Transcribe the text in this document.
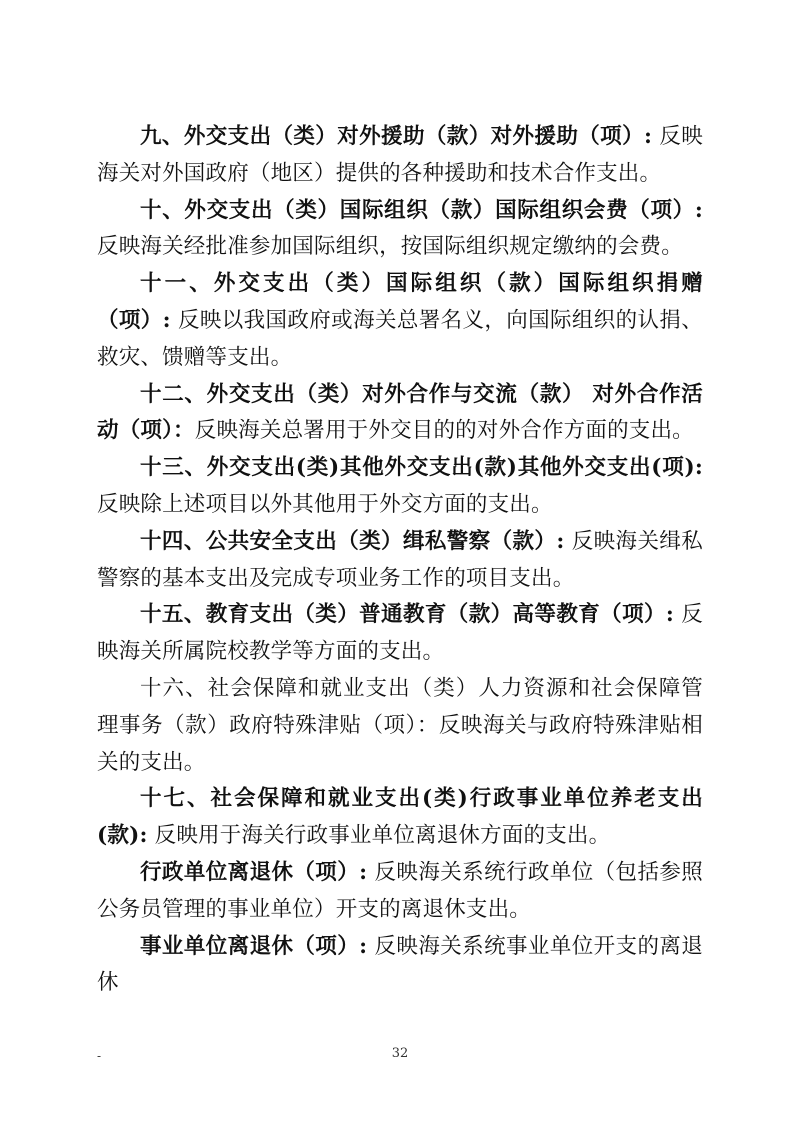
九、外交支出（类）对外援助（款）对外援助（项）: 反映海关对外国政府（地区）提供的各种援助和技术合作支出。

十、外交支出（类）国际组织（款）国际组织会费（项）: 反映海关经批准参加国际组织，按国际组织规定缴纳的会费。

十一、外交支出（类）国际组织（款）国际组织捐赠（项）: 反映以我国政府或海关总署名义，向国际组织的认捐、救灾、馈赠等支出。

十二、外交支出（类）对外合作与交流（款） 对外合作活动（项）：反映海关总署用于外交目的的对外合作方面的支出。

十三、外交支出(类)其他外交支出(款)其他外交支出(项): 反映除上述项目以外其他用于外交方面的支出。

十四、公共安全支出（类）缉私警察（款）: 反映海关缉私警察的基本支出及完成专项业务工作的项目支出。

十五、教育支出（类）普通教育（款）高等教育（项）: 反映海关所属院校教学等方面的支出。

十六、社会保障和就业支出（类）人力资源和社会保障管理事务（款）政府特殊津贴（项）：反映海关与政府特殊津贴相关的支出。

十七、社会保障和就业支出(类)行政事业单位养老支出(款): 反映用于海关行政事业单位离退休方面的支出。

行政单位离退休（项）: 反映海关系统行政单位（包括参照公务员管理的事业单位）开支的离退休支出。

事业单位离退休（项）: 反映海关系统事业单位开支的离退休

-	32
